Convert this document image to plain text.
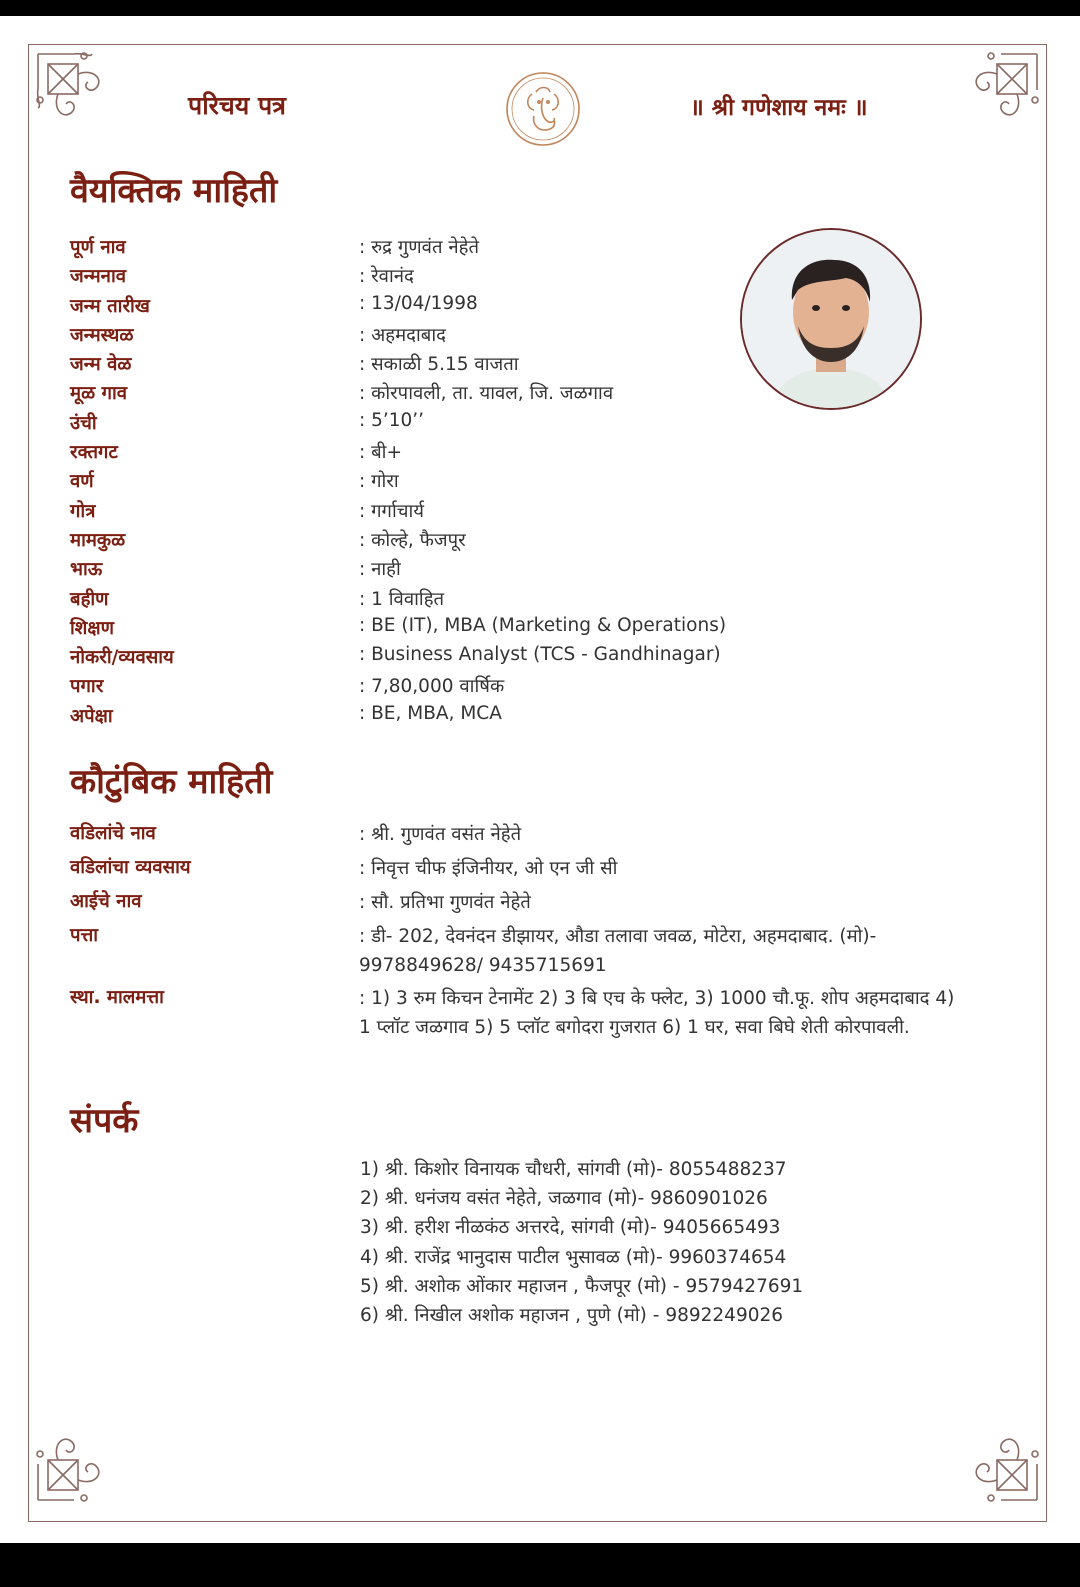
परिचय पत्र	॥ श्री गणेशाय नमः ॥
वैयक्तिक माहिती
पूर्ण नाव	: रुद्र गुणवंत नेहेते
जन्मनाव	: रेवानंद
जन्म तारीख	: 13/04/1998
जन्मस्थळ	: अहमदाबाद
जन्म वेळ	: सकाळी 5.15 वाजता
मूळ गाव	: कोरपावली, ता. यावल, जि. जळगाव
उंची	: 5’10’’
रक्तगट	: बी+
वर्ण	: गोरा
गोत्र	: गर्गाचार्य
मामकुळ	: कोल्हे, फैजपूर
भाऊ	: नाही
बहीण	: 1 विवाहित
शिक्षण	: BE (IT), MBA (Marketing & Operations)
नोकरी/व्यवसाय	: Business Analyst (TCS - Gandhinagar)
पगार	: 7,80,000 वार्षिक
अपेक्षा	: BE, MBA, MCA
कौटुंबिक माहिती
वडिलांचे नाव	: श्री. गुणवंत वसंत नेहेते
वडिलांचा व्यवसाय	: निवृत्त चीफ इंजिनीयर, ओ एन जी सी
आईचे नाव	: सौ. प्रतिभा गुणवंत नेहेते
पत्ता	: डी- 202, देवनंदन डीझायर, औडा तलावा जवळ, मोटेरा, अहमदाबाद. (मो)- 9978849628/ 9435715691
स्था. मालमत्ता	: 1) 3 रुम किचन टेनामेंट 2) 3 बि एच के फ्लेट, 3) 1000 चौ.फू. शोप अहमदाबाद 4) 1 प्लॉट जळगाव 5) 5 प्लॉट बगोदरा गुजरात 6) 1 घर, सवा बिघे शेती कोरपावली.
संपर्क
1) श्री. किशोर विनायक चौधरी, सांगवी (मो)- 8055488237
2) श्री. धनंजय वसंत नेहेते, जळगाव (मो)- 9860901026
3) श्री. हरीश नीळकंठ अत्तरदे, सांगवी (मो)- 9405665493
4) श्री. राजेंद्र भानुदास पाटील भुसावळ (मो)- 9960374654
5) श्री. अशोक ओंकार महाजन , फैजपूर (मो) - 9579427691
6) श्री. निखील अशोक महाजन , पुणे (मो) - 9892249026
